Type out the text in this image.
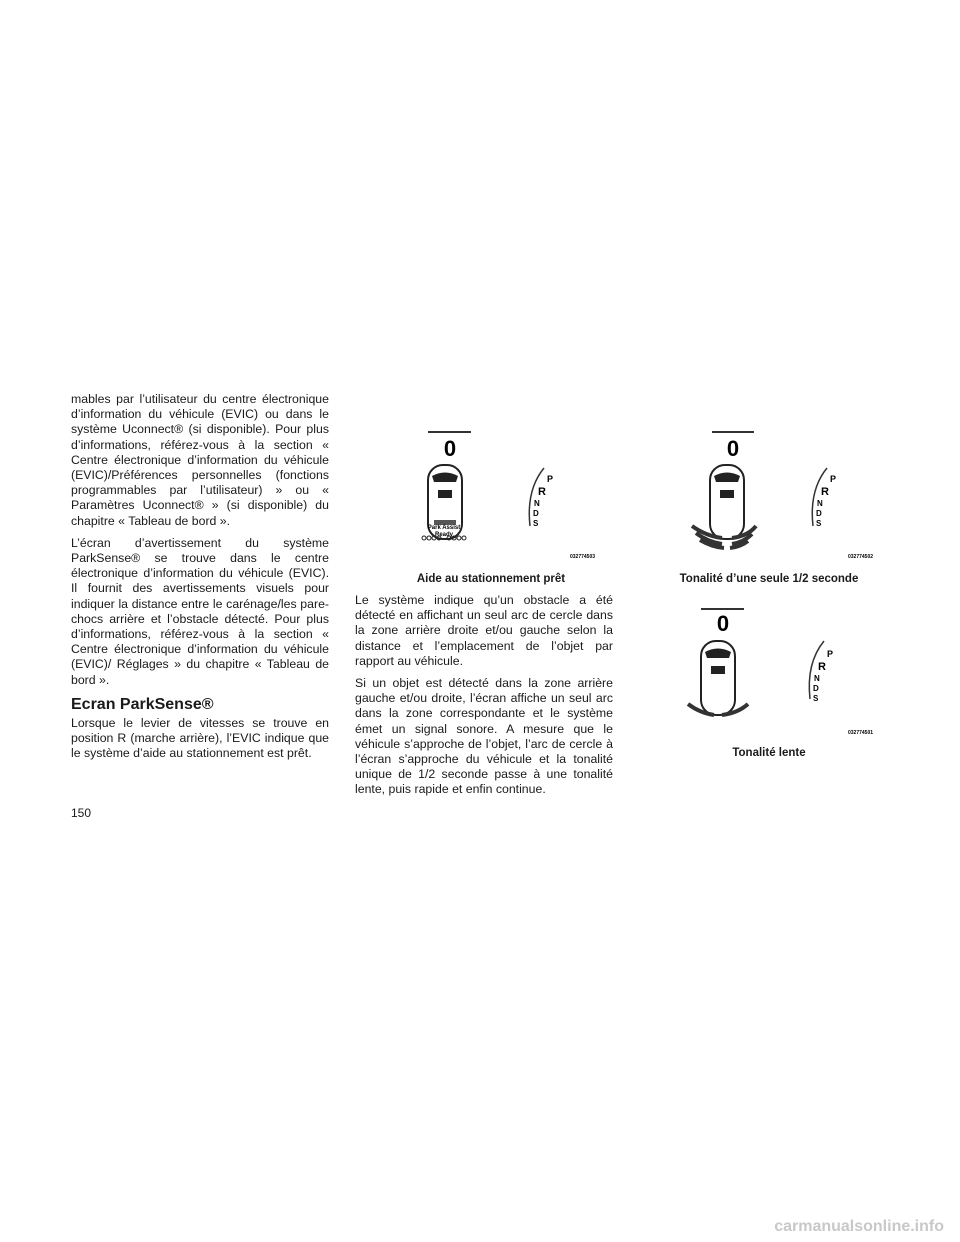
mables par l’utilisateur du centre électronique d’information du véhicule (EVIC) ou dans le système Uconnect® (si disponible). Pour plus d’informations, référez-vous à la section « Centre électronique d’information du véhicule (EVIC)/Préférences personnelles (fonctions programmables par l’utilisateur) » ou « Paramètres Uconnect® » (si disponible) du chapitre « Tableau de bord ».

L’écran d’avertissement du système ParkSense® se trouve dans le centre électronique d’information du véhicule (EVIC). Il fournit des avertissements visuels pour indiquer la distance entre le carénage/les pare-chocs arrière et l’obstacle détecté. Pour plus d’informations, référez-vous à la section « Centre électronique d’information du véhicule (EVIC)/ Réglages » du chapitre « Tableau de bord ».

Ecran ParkSense®

Lorsque le levier de vitesses se trouve en position R (marche arrière), l’EVIC indique que le système d’aide au stationnement est prêt.

Le système indique qu’un obstacle a été détecté en affichant un seul arc de cercle dans la zone arrière droite et/ou gauche selon la distance et l’emplacement de l’objet par rapport au véhicule.

Si un objet est détecté dans la zone arrière gauche et/ou droite, l’écran affiche un seul arc dans la zone correspondante et le système émet un signal sonore. A mesure que le véhicule s’approche de l’objet, l’arc de cercle à l’écran s’approche du véhicule et la tonalité unique de 1/2 seconde passe à une tonalité lente, puis rapide et enfin continue.

0
P
R
N
D
S
Park Assist
Ready
032774503
Aide au stationnement prêt
0
P
R
N
D
S
032774502
Tonalité d’une seule 1/2 seconde
0
P
R
N
D
S
032774501
Tonalité lente
150
carmanualsonline.info
